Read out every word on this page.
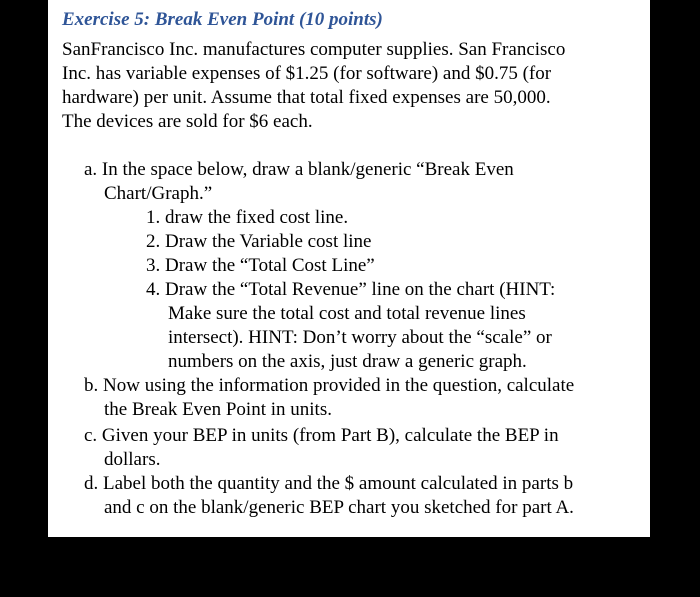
Exercise 5: Break Even Point (10 points)
SanFrancisco Inc. manufactures computer supplies. San Francisco
Inc. has variable expenses of $1.25 (for software) and $0.75 (for
hardware) per unit. Assume that total fixed expenses are 50,000.
The devices are sold for $6 each.
a. In the space below, draw a blank/generic “Break Even
Chart/Graph.”
1. draw the fixed cost line.
2. Draw the Variable cost line
3. Draw the “Total Cost Line”
4. Draw the “Total Revenue” line on the chart (HINT:
Make sure the total cost and total revenue lines
intersect). HINT: Don’t worry about the “scale” or
numbers on the axis, just draw a generic graph.
b. Now using the information provided in the question, calculate
the Break Even Point in units.
c. Given your BEP in units (from Part B), calculate the BEP in
dollars.
d. Label both the quantity and the $ amount calculated in parts b
and c on the blank/generic BEP chart you sketched for part A.
